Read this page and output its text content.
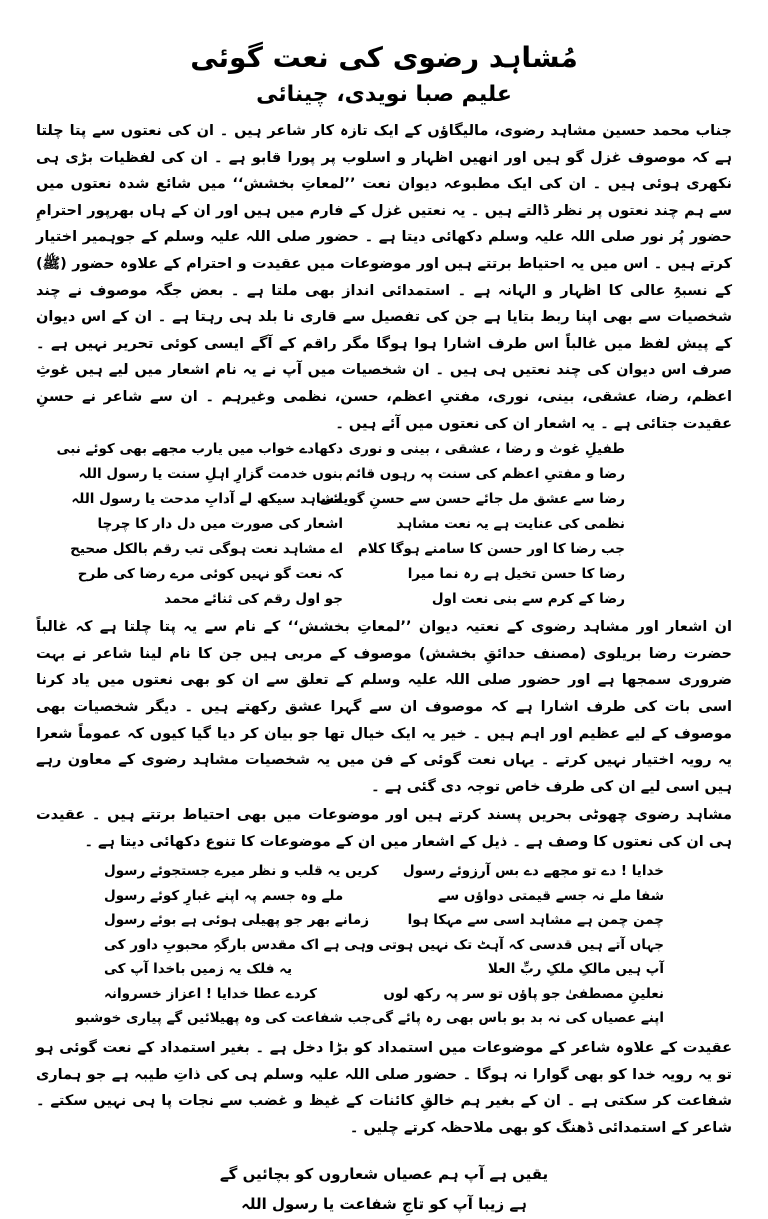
مُشاہد رضوی کی نعت گوئی
علیم صبا نویدی، چینائی

جناب محمد حسین مشاہد رضوی، مالیگاؤں کے ایک تازہ کار شاعر ہیں ۔ ان کی نعتوں سے پتا چلتا ہے کہ موصوف غزل گو ہیں اور انھیں اظہار و اسلوب پر پورا قابو ہے ۔ ان کی لفظیات بڑی ہی نکھری ہوئی ہیں ۔ ان کی ایک مطبوعہ دیوان نعت ’’لمعاتِ بخشش‘‘ میں شائع شدہ نعتوں میں سے ہم چند نعتوں پر نظر ڈالتے ہیں ۔ یہ نعتیں غزل کے فارم میں ہیں اور ان کے ہاں بھرپور احترامِ حضور پُر نور صلی اللہ علیہ وسلم دکھائی دیتا ہے ۔ حضور صلی اللہ علیہ وسلم کے جوہمیر اختیار کرتے ہیں ۔ اس میں یہ احتیاط برتتے ہیں اور موضوعات میں عقیدت و احترام کے علاوہ حضور (ﷺ) کے نسبۃِ عالی کا اظہار و الہانہ ہے ۔ استمدائی انداز بھی ملتا ہے ۔ بعض جگہ موصوف نے چند شخصیات سے بھی اپنا ربط بتایا ہے جن کی تفصیل سے قاری نا بلد ہی رہتا ہے ۔ ان کے اس دیوان کے پیش لفظ میں غالباً اس طرف اشارا ہوا ہوگا مگر راقم کے آگے ایسی کوئی تحریر نہیں ہے ۔ صرف اس دیوان کی چند نعتیں ہی ہیں ۔ ان شخصیات میں آپ نے یہ نام اشعار میں لیے ہیں غوثِ اعظم، رضا، عشقی، بینی، نوری، مفتیِ اعظم، حسن، نظمی وغیرہم ۔ ان سے شاعر نے حسنِ عقیدت جتائی ہے ۔ یہ اشعار ان کی نعتوں میں آئے ہیں ۔

طفیلِ غوث و رضا ، عشقی ، بینی و نوری
دکھادے خواب میں یارب مجھے بھی کوئے نبی
رضا و مفتیِ اعظم کی سنت پہ رہوں قائم
بنوں خدمت گزارِ اہلِ سنت یا رسول اللہ
رضا سے عشق مل جائے حسن سے حسنِ گویائی
مشاہد سیکھ لے آدابِ مدحت یا رسول اللہ
نظمی کی عنایت ہے یہ نعت مشاہد
اشعار کی صورت میں دل دار کا چرچا
جب رضا کا اور حسن کا سامنے ہوگا کلام
اے مشاہد نعت ہوگی تب رقم بالکل صحیح
رضا کا حسن تخیل ہے رہ نما میرا
کہ نعت گو نہیں کوئی مرے رضا کی طرح
رضا کے کرم سے بنی نعت اول
جو اول رقم کی ثنائے محمد

ان اشعار اور مشاہد رضوی کے نعتیہ دیوان ’’لمعاتِ بخشش‘‘ کے نام سے یہ پتا چلتا ہے کہ غالباً حضرت رضا بریلوی (مصنف حدائقِ بخشش) موصوف کے مربی ہیں جن کا نام لینا شاعر نے بہت ضروری سمجھا ہے اور حضور صلی اللہ علیہ وسلم کے تعلق سے ان کو بھی نعتوں میں یاد کرنا اسی بات کی طرف اشارا ہے کہ موصوف ان سے گہرا عشق رکھتے ہیں ۔ دیگر شخصیات بھی موصوف کے لیے عظیم اور اہم ہیں ۔ خیر یہ ایک خیال تھا جو بیان کر دیا گیا کیوں کہ عموماً شعرا یہ رویہ اختیار نہیں کرتے ۔ یہاں نعت گوئی کے فن میں یہ شخصیات مشاہد رضوی کے معاون رہے ہیں اسی لیے ان کی طرف خاص توجہ دی گئی ہے ۔

مشاہد رضوی چھوٹی بحریں پسند کرتے ہیں اور موضوعات میں بھی احتیاط برتتے ہیں ۔ عقیدت ہی ان کی نعتوں کا وصف ہے ۔ ذیل کے اشعار میں ان کے موضوعات کا تنوع دکھائی دیتا ہے ۔

خدایا ! دے تو مجھے دے بس آرزوئے رسول
کریں یہ قلب و نظر میرے جستجوئے رسول
شفا ملے نہ جسے قیمتی دواؤں سے
ملے وہ جسم پہ اپنے غبارِ کوئے رسول
چمن چمن ہے مشاہد اسی سے مہکا ہوا
زمانے بھر جو پھیلی ہوئی ہے بوئے رسول
جہاں آتے ہیں قدسی کہ آہٹ تک نہیں ہوتی
وہی ہے اک مقدس بارگہِ محبوبِ داور کی
آپ ہیں مالکِ ملکِ ربِّ العلا
یہ فلک یہ زمیں باخدا آپ کی
نعلینِ مصطفیٰ جو پاؤں تو سر پہ رکھ لوں
کردے عطا خدایا ! اعزاز خسروانہ
اپنے عصیاں کی نہ بد بو باس بھی رہ پائے گی
جب شفاعت کی وہ پھیلائیں گے پیاری خوشبو

عقیدت کے علاوہ شاعر کے موضوعات میں استمداد کو بڑا دخل ہے ۔ بغیر استمداد کے نعت گوئی ہو تو یہ رویہ خدا کو بھی گوارا نہ ہوگا ۔ حضور صلی اللہ علیہ وسلم ہی کی ذاتِ طیبہ ہے جو ہماری شفاعت کر سکتی ہے ۔ ان کے بغیر ہم خالقِ کائنات کے غیظ و غضب سے نجات پا ہی نہیں سکتے ۔ شاعر کے استمدائی ڈھنگ کو بھی ملاحظہ کرتے چلیں ۔

یقیں ہے آپ ہم عصیاں شعاروں کو بچائیں گے
ہے زیبا آپ کو تاجِ شفاعت یا رسول اللہ
